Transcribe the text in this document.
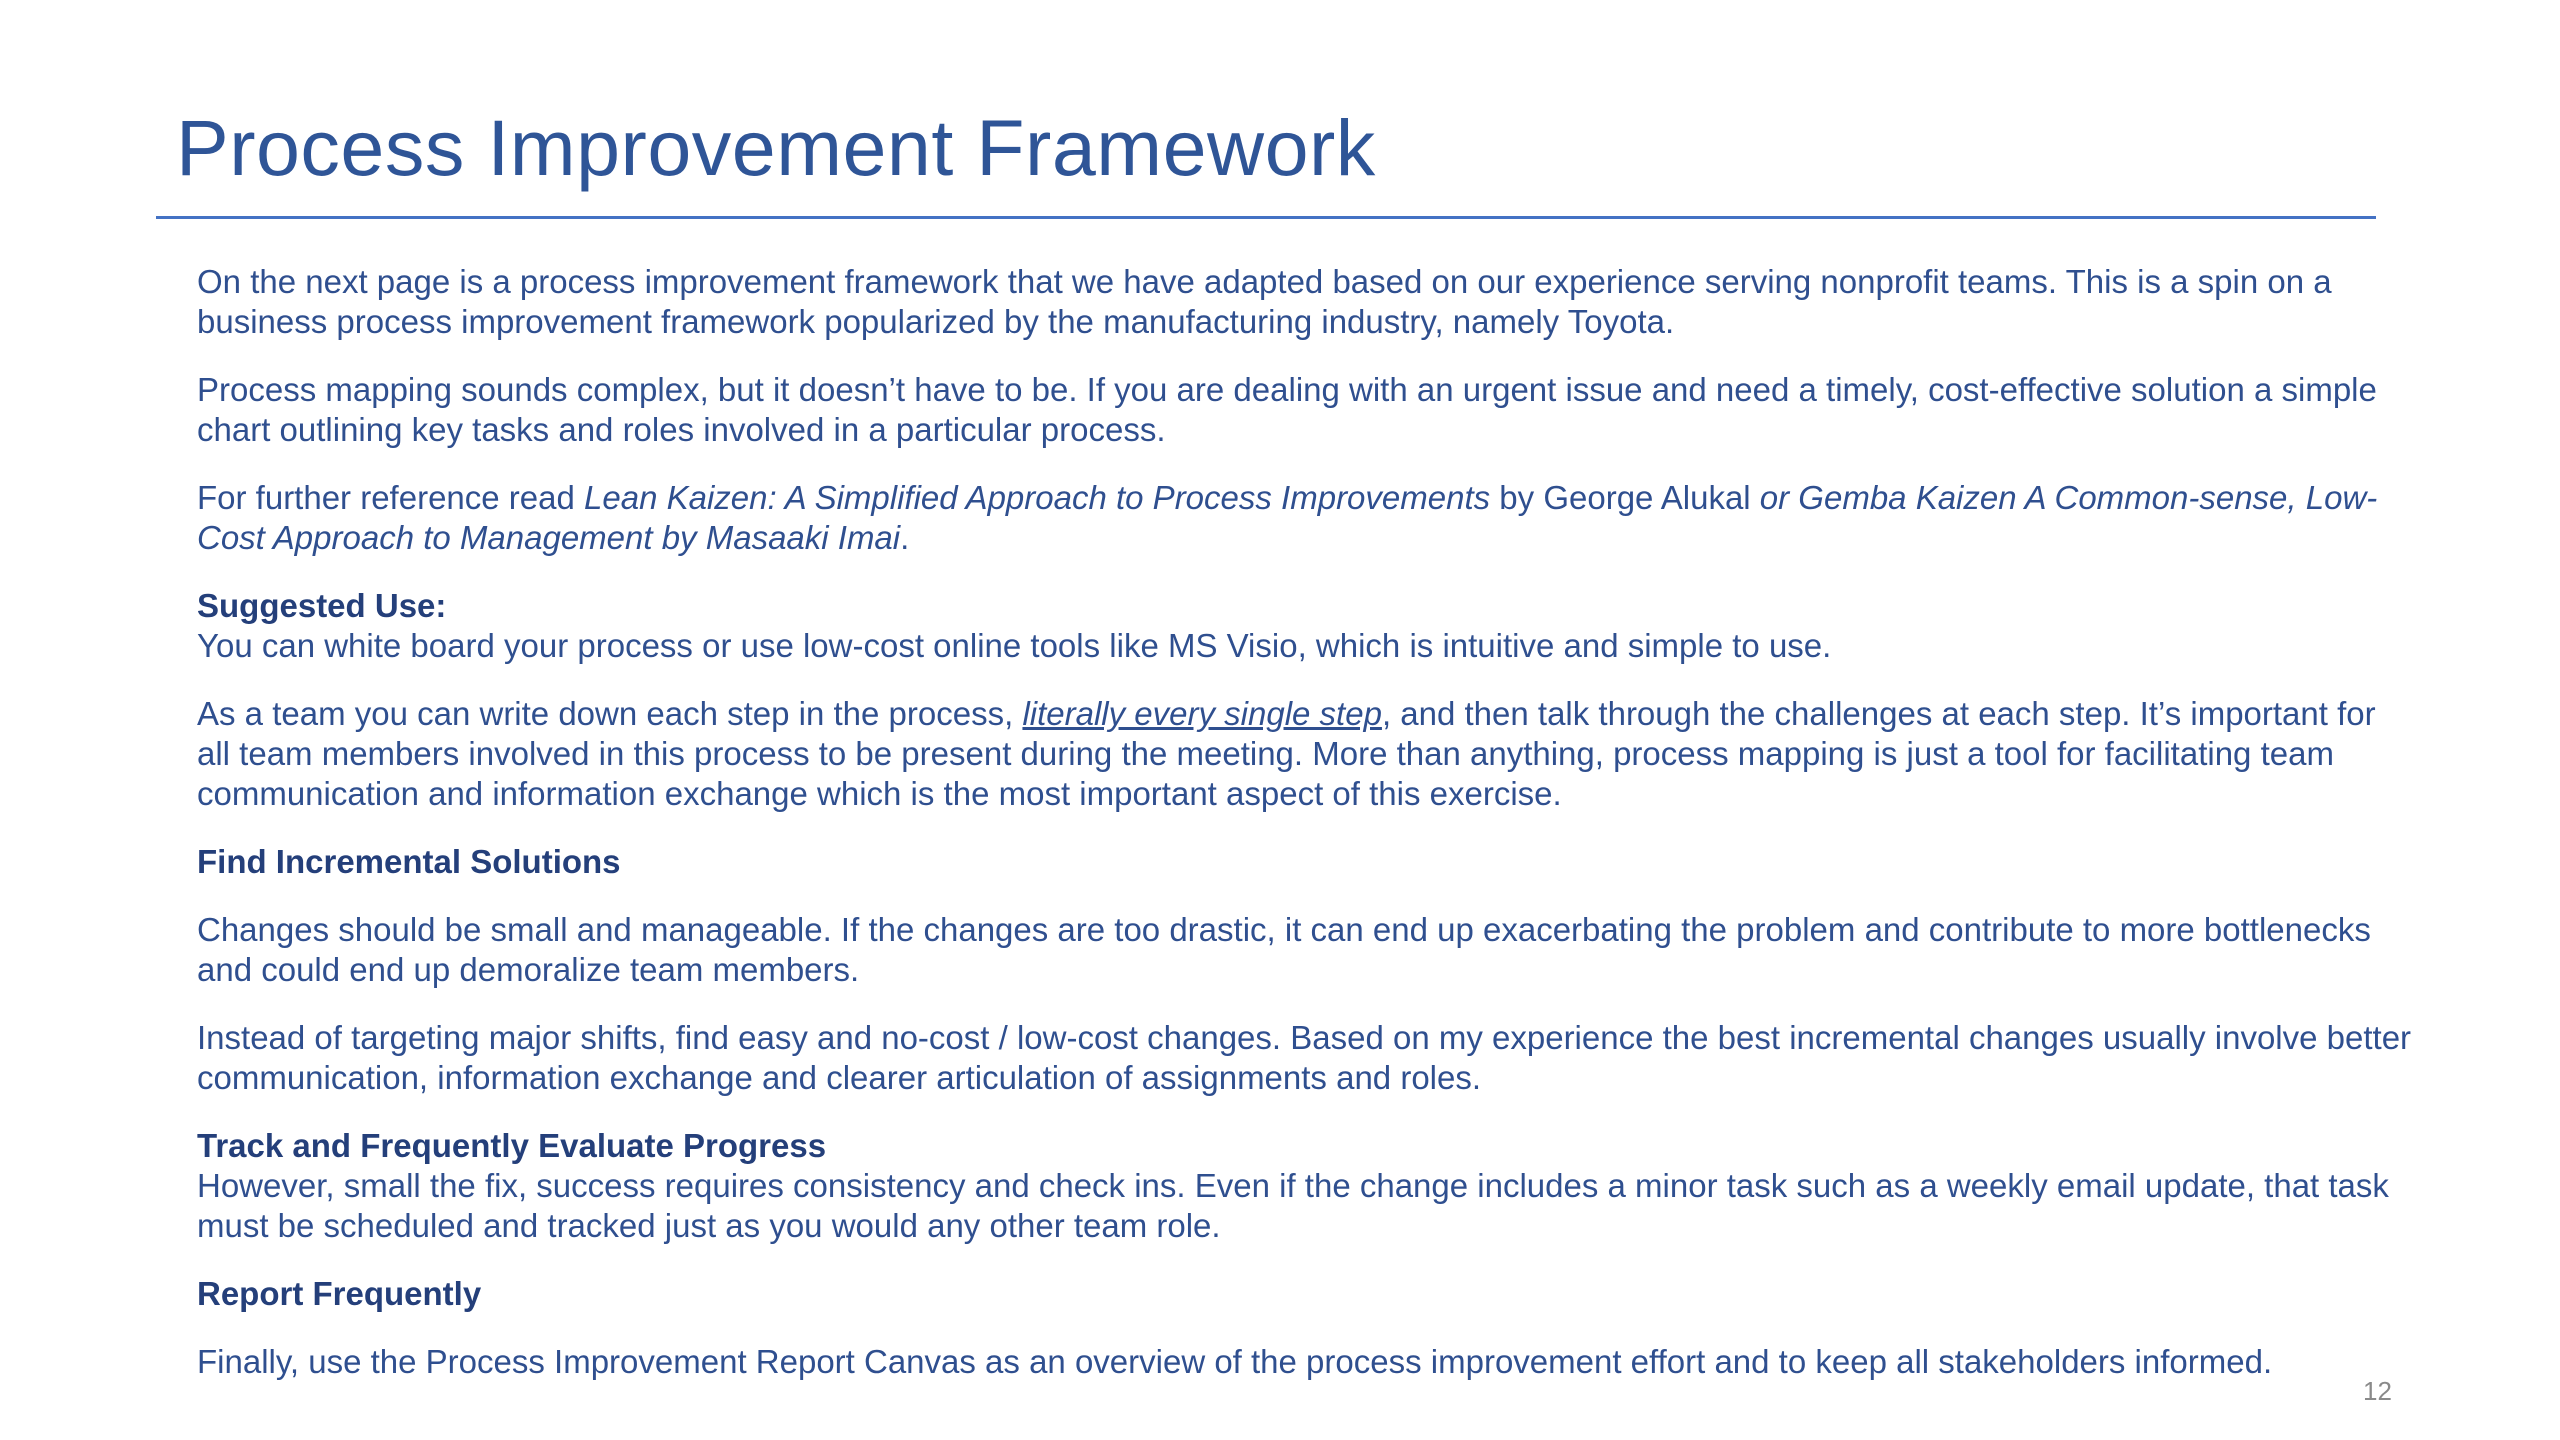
Process Improvement Framework

On the next page is a process improvement framework that we have adapted based on our experience serving nonprofit teams. This is a spin on a business process improvement framework popularized by the manufacturing industry, namely Toyota.

Process mapping sounds complex, but it doesn’t have to be. If you are dealing with an urgent issue and need a timely, cost-effective solution a simple chart outlining key tasks and roles involved in a particular process.

For further reference read Lean Kaizen: A Simplified Approach to Process Improvements by George Alukal or Gemba Kaizen A Common-sense, Low- Cost Approach to Management by Masaaki Imai.

Suggested Use:
You can white board your process or use low-cost online tools like MS Visio, which is intuitive and simple to use.

As a team you can write down each step in the process, literally every single step, and then talk through the challenges at each step. It’s important for all team members involved in this process to be present during the meeting. More than anything, process mapping is just a tool for facilitating team communication and information exchange which is the most important aspect of this exercise.

Find Incremental Solutions

Changes should be small and manageable. If the changes are too drastic, it can end up exacerbating the problem and contribute to more bottlenecks and could end up demoralize team members.

Instead of targeting major shifts, find easy and no-cost / low-cost changes. Based on my experience the best incremental changes usually involve better communication, information exchange and clearer articulation of assignments and roles.

Track and Frequently Evaluate Progress
However, small the fix, success requires consistency and check ins. Even if the change includes a minor task such as a weekly email update, that task must be scheduled and tracked just as you would any other team role.
Report Frequently

Finally, use the Process Improvement Report Canvas as an overview of the process improvement effort and to keep all stakeholders informed.

12
